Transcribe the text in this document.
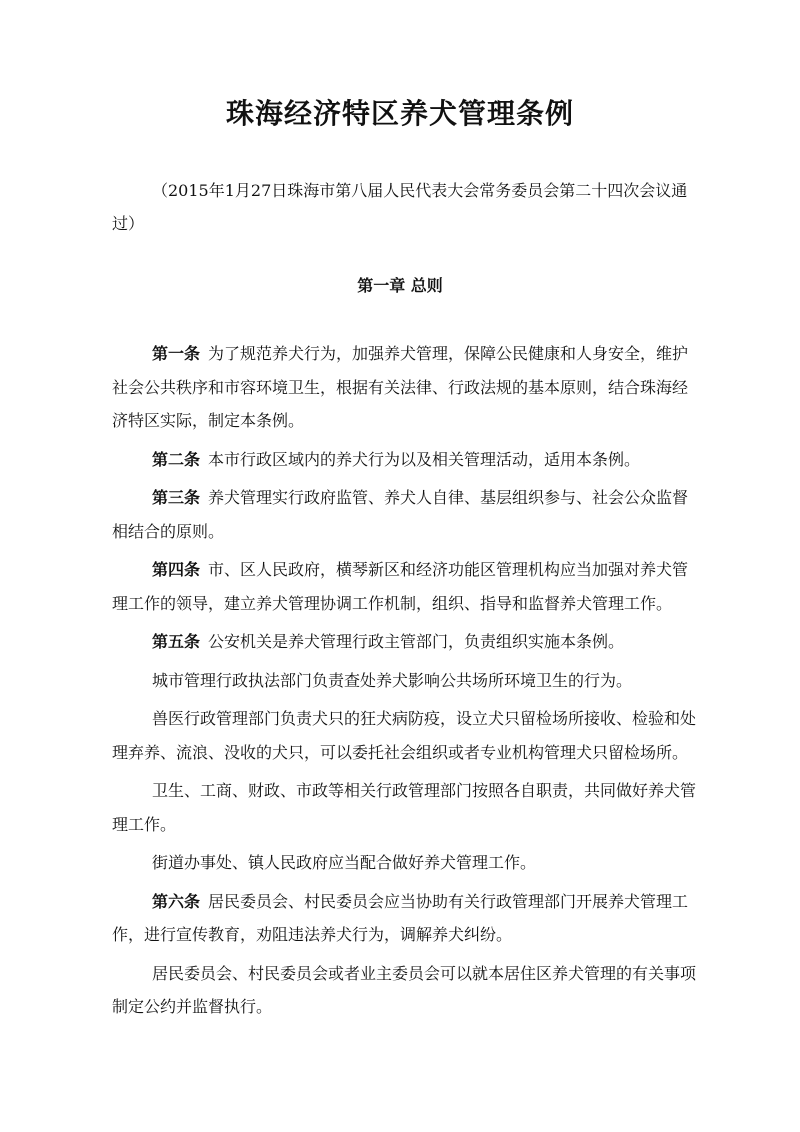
珠海经济特区养犬管理条例
（2015年1月27日珠海市第八届人民代表大会常务委员会第二十四次会议通过）
第一章 总则

第一条 为了规范养犬行为，加强养犬管理，保障公民健康和人身安全，维护社会公共秩序和市容环境卫生，根据有关法律、行政法规的基本原则，结合珠海经济特区实际，制定本条例。

第二条 本市行政区域内的养犬行为以及相关管理活动，适用本条例。

第三条 养犬管理实行政府监管、养犬人自律、基层组织参与、社会公众监督相结合的原则。

第四条 市、区人民政府，横琴新区和经济功能区管理机构应当加强对养犬管理工作的领导，建立养犬管理协调工作机制，组织、指导和监督养犬管理工作。

第五条 公安机关是养犬管理行政主管部门，负责组织实施本条例。

城市管理行政执法部门负责查处养犬影响公共场所环境卫生的行为。

兽医行政管理部门负责犬只的狂犬病防疫，设立犬只留检场所接收、检验和处理弃养、流浪、没收的犬只，可以委托社会组织或者专业机构管理犬只留检场所。

卫生、工商、财政、市政等相关行政管理部门按照各自职责，共同做好养犬管理工作。

街道办事处、镇人民政府应当配合做好养犬管理工作。

第六条 居民委员会、村民委员会应当协助有关行政管理部门开展养犬管理工作，进行宣传教育，劝阻违法养犬行为，调解养犬纠纷。

居民委员会、村民委员会或者业主委员会可以就本居住区养犬管理的有关事项制定公约并监督执行。
